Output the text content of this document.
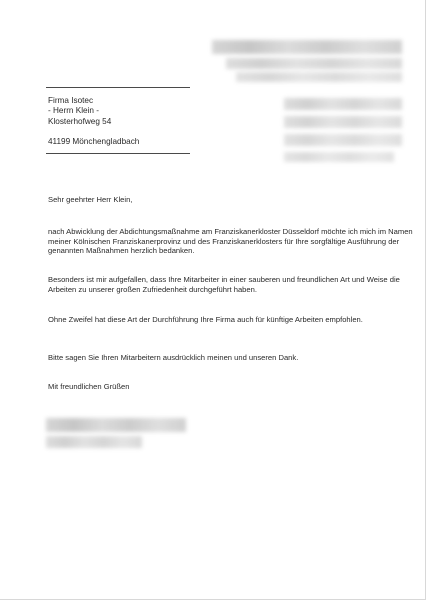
Firma Isotec
- Herrn Klein -
Klosterhofweg 54
41199 Mönchengladbach

Sehr geehrter Herr Klein,

nach Abwicklung der Abdichtungsmaßnahme am Franziskanerkloster Düsseldorf möchte ich mich im Namen meiner Kölnischen Franziskanerprovinz und des Franziskanerklosters für Ihre sorgfältige Ausführung der genannten Maßnahmen herzlich bedanken.

Besonders ist mir aufgefallen, dass Ihre Mitarbeiter in einer sauberen und freundlichen Art und Weise die Arbeiten zu unserer großen Zufriedenheit durchgeführt haben.

Ohne Zweifel hat diese Art der Durchführung Ihre Firma auch für künftige Arbeiten empfohlen.

Bitte sagen Sie Ihren Mitarbeitern ausdrücklich meinen und unseren Dank.

Mit freundlichen Grüßen
